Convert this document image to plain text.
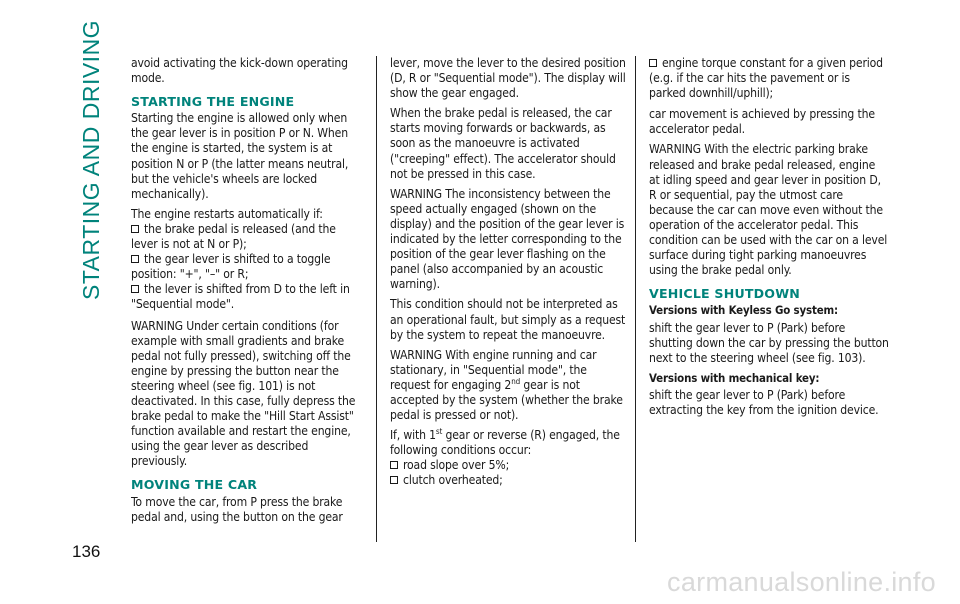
STARTING AND DRIVING
136

avoid activating the kick-down operating mode.

STARTING THE ENGINE

Starting the engine is allowed only when the gear lever is in position P or N. When the engine is started, the system is at position N or P (the latter means neutral, but the vehicle's wheels are locked mechanically).

The engine restarts automatically if:

the brake pedal is released (and the lever is not at N or P);
the gear lever is shifted to a toggle position: "+", "–" or R;
the lever is shifted from D to the left in "Sequential mode".

WARNING Under certain conditions (for example with small gradients and brake pedal not fully pressed), switching off the engine by pressing the button near the steering wheel (see fig. 101) is not deactivated. In this case, fully depress the brake pedal to make the "Hill Start Assist" function available and restart the engine, using the gear lever as described previously.

MOVING THE CAR

To move the car, from P press the brake pedal and, using the button on the gear

lever, move the lever to the desired position (D, R or "Sequential mode"). The display will show the gear engaged.

When the brake pedal is released, the car starts moving forwards or backwards, as soon as the manoeuvre is activated ("creeping" effect). The accelerator should not be pressed in this case.

WARNING The inconsistency between the speed actually engaged (shown on the display) and the position of the gear lever is indicated by the letter corresponding to the position of the gear lever flashing on the panel (also accompanied by an acoustic warning).

This condition should not be interpreted as an operational fault, but simply as a request by the system to repeat the manoeuvre.

WARNING With engine running and car stationary, in "Sequential mode", the request for engaging 2nd gear is not accepted by the system (whether the brake pedal is pressed or not).

If, with 1st gear or reverse (R) engaged, the following conditions occur:

road slope over 5%;
clutch overheated;
engine torque constant for a given period (e.g. if the car hits the pavement or is parked downhill/uphill);

car movement is achieved by pressing the accelerator pedal.

WARNING With the electric parking brake released and brake pedal released, engine at idling speed and gear lever in position D, R or sequential, pay the utmost care because the car can move even without the operation of the accelerator pedal. This condition can be used with the car on a level surface during tight parking manoeuvres using the brake pedal only.

VEHICLE SHUTDOWN
Versions with Keyless Go system:

shift the gear lever to P (Park) before shutting down the car by pressing the button next to the steering wheel (see fig. 103).

Versions with mechanical key:

shift the gear lever to P (Park) before extracting the key from the ignition device.

carmanualsonline.info
